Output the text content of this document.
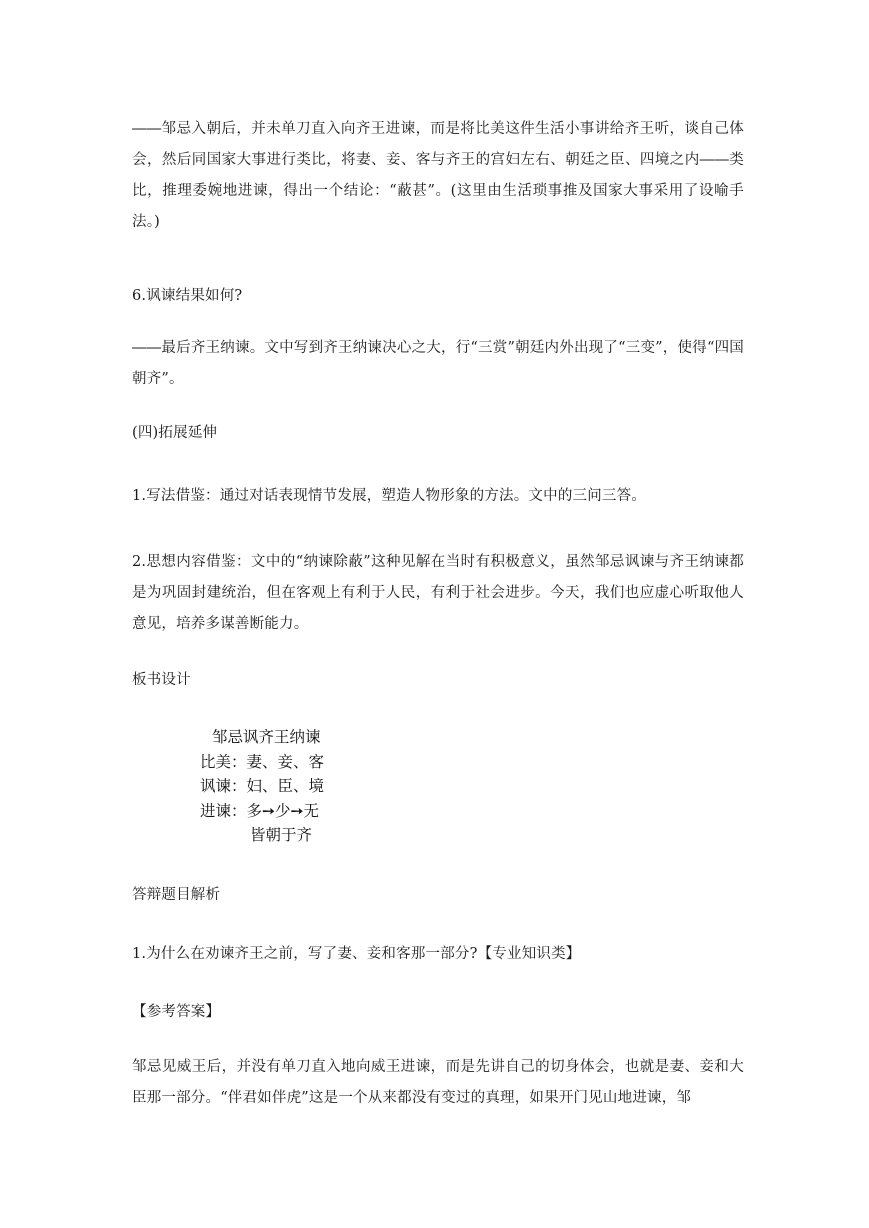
――邹忌入朝后，并未单刀直入向齐王进谏，而是将比美这件生活小事讲给齐王听，谈自己体会，然后同国家大事进行类比，将妻、妾、客与齐王的宫妇左右、朝廷之臣、四境之内――类比，推理委婉地进谏，得出一个结论：“蔽甚”。(这里由生活琐事推及国家大事采用了设喻手法。)

6.讽谏结果如何?

――最后齐王纳谏。文中写到齐王纳谏决心之大，行“三赏”朝廷内外出现了“三变”，使得“四国朝齐”。

(四)拓展延伸

1.写法借鉴：通过对话表现情节发展，塑造人物形象的方法。文中的三问三答。

2.思想内容借鉴：文中的“纳谏除蔽”这种见解在当时有积极意义，虽然邹忌讽谏与齐王纳谏都是为巩固封建统治，但在客观上有利于人民，有利于社会进步。今天，我们也应虚心听取他人意见，培养多谋善断能力。

板书设计

邹忌讽齐王纳谏
比美：妻、妾、客
讽谏：妇、臣、境
进谏：多➙少➙无
皆朝于齐

答辩题目解析

1.为什么在劝谏齐王之前，写了妻、妾和客那一部分?【专业知识类】

【参考答案】

邹忌见威王后，并没有单刀直入地向威王进谏，而是先讲自己的切身体会，也就是妻、妾和大臣那一部分。“伴君如伴虎”这是一个从来都没有变过的真理，如果开门见山地进谏，邹
